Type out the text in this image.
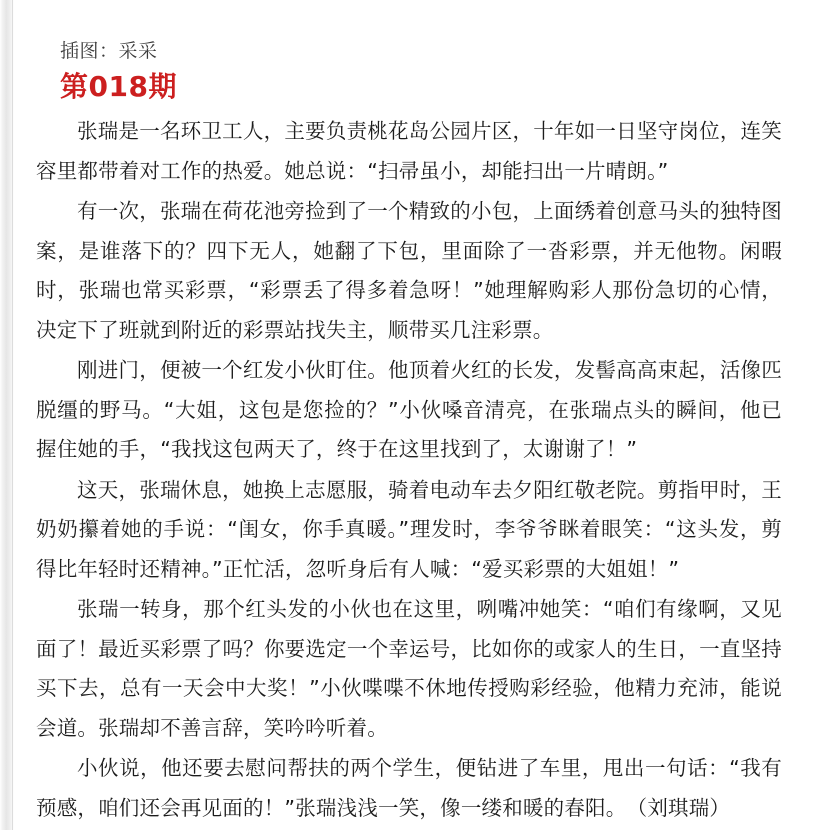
插图：采采
第018期

张瑞是一名环卫工人，主要负责桃花岛公园片区，十年如一日坚守岗位，连笑容里都带着对工作的热爱。她总说：“扫帚虽小，却能扫出一片晴朗。”

有一次，张瑞在荷花池旁捡到了一个精致的小包，上面绣着创意马头的独特图案，是谁落下的？四下无人，她翻了下包，里面除了一沓彩票，并无他物。闲暇时，张瑞也常买彩票，“彩票丢了得多着急呀！”她理解购彩人那份急切的心情，决定下了班就到附近的彩票站找失主，顺带买几注彩票。

刚进门，便被一个红发小伙盯住。他顶着火红的长发，发髻高高束起，活像匹脱缰的野马。“大姐，这包是您捡的？”小伙嗓音清亮，在张瑞点头的瞬间，他已握住她的手，“我找这包两天了，终于在这里找到了，太谢谢了！”

这天，张瑞休息，她换上志愿服，骑着电动车去夕阳红敬老院。剪指甲时，王奶奶攥着她的手说：“闺女，你手真暖。”理发时，李爷爷眯着眼笑：“这头发，剪得比年轻时还精神。”正忙活，忽听身后有人喊：“爱买彩票的大姐姐！”

张瑞一转身，那个红头发的小伙也在这里，咧嘴冲她笑：“咱们有缘啊，又见面了！最近买彩票了吗？你要选定一个幸运号，比如你的或家人的生日，一直坚持买下去，总有一天会中大奖！”小伙喋喋不休地传授购彩经验，他精力充沛，能说会道。张瑞却不善言辞，笑吟吟听着。

小伙说，他还要去慰问帮扶的两个学生，便钻进了车里，甩出一句话：“我有预感，咱们还会再见面的！”张瑞浅浅一笑，像一缕和暖的春阳。　（刘琪瑞）
